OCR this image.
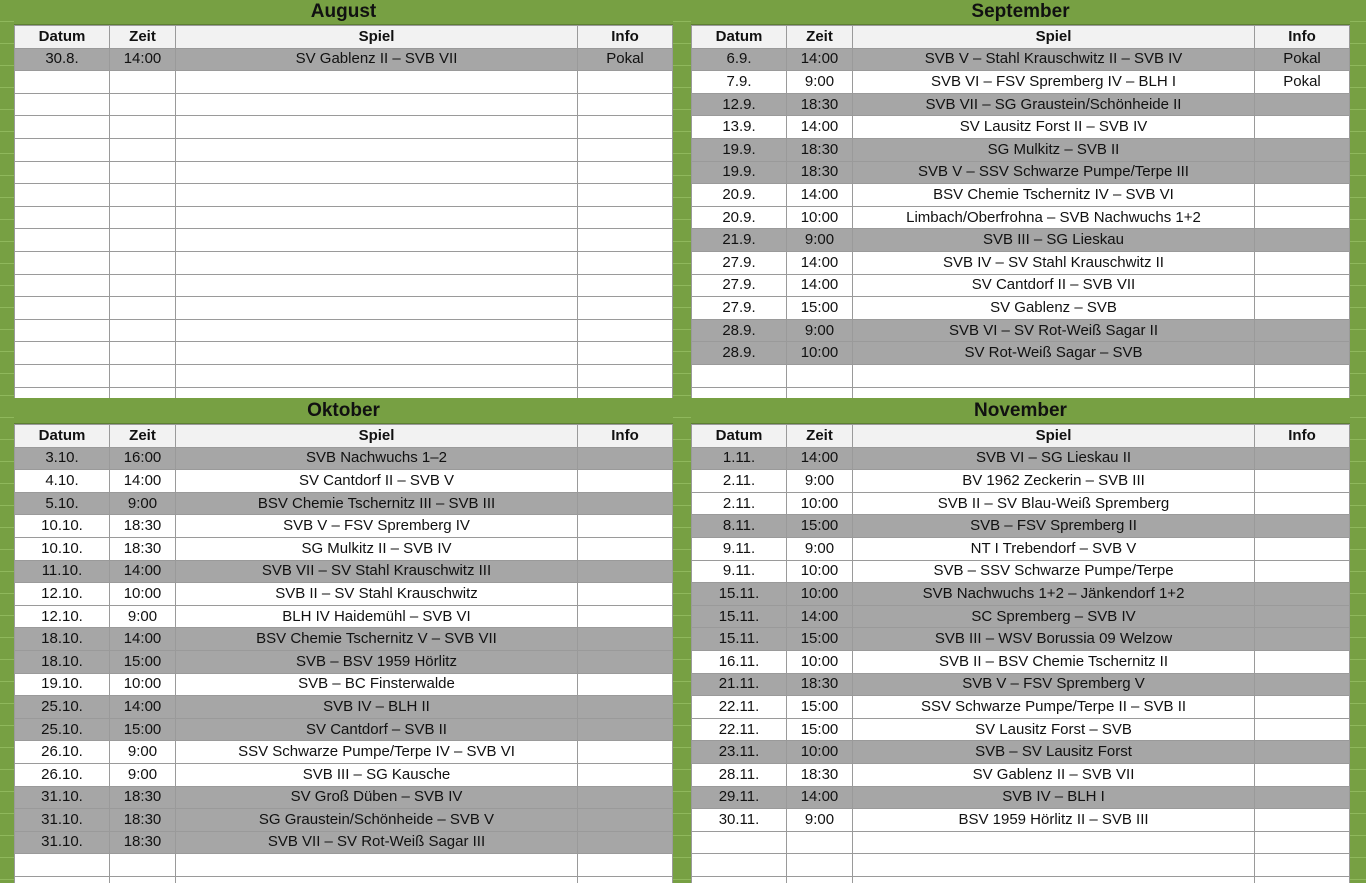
August
Datum	Zeit	Spiel	Info
30.8.	14:00	SV Gablenz II – SVB VII	Pokal

September
Datum	Zeit	Spiel	Info
6.9.	14:00	SVB V – Stahl Krauschwitz II – SVB IV	Pokal
7.9.	9:00	SVB VI – FSV Spremberg IV – BLH I	Pokal
12.9.	18:30	SVB VII – SG Graustein/Schönheide II	
13.9.	14:00	SV Lausitz Forst II – SVB IV	
19.9.	18:30	SG Mulkitz – SVB II	
19.9.	18:30	SVB V – SSV Schwarze Pumpe/Terpe III	
20.9.	14:00	BSV Chemie Tschernitz IV – SVB VI	
20.9.	10:00	Limbach/Oberfrohna – SVB Nachwuchs 1+2	
21.9.	9:00	SVB III – SG Lieskau	
27.9.	14:00	SVB IV – SV Stahl Krauschwitz II	
27.9.	14:00	SV Cantdorf II – SVB VII	
27.9.	15:00	SV Gablenz – SVB	
28.9.	9:00	SVB VI – SV Rot-Weiß Sagar II	
28.9.	10:00	SV Rot-Weiß Sagar – SVB	

Oktober
Datum	Zeit	Spiel	Info
3.10.	16:00	SVB Nachwuchs 1–2	
4.10.	14:00	SV Cantdorf II – SVB V	
5.10.	9:00	BSV Chemie Tschernitz III – SVB III	
10.10.	18:30	SVB V – FSV Spremberg IV	
10.10.	18:30	SG Mulkitz II – SVB IV	
11.10.	14:00	SVB VII – SV Stahl Krauschwitz III	
12.10.	10:00	SVB II – SV Stahl Krauschwitz	
12.10.	9:00	BLH IV Haidemühl – SVB VI	
18.10.	14:00	BSV Chemie Tschernitz V – SVB VII	
18.10.	15:00	SVB – BSV 1959 Hörlitz	
19.10.	10:00	SVB – BC Finsterwalde	
25.10.	14:00	SVB IV – BLH II	
25.10.	15:00	SV Cantdorf – SVB II	
26.10.	9:00	SSV Schwarze Pumpe/Terpe IV – SVB VI	
26.10.	9:00	SVB III – SG Kausche	
31.10.	18:30	SV Groß Düben – SVB IV	
31.10.	18:30	SG Graustein/Schönheide – SVB V	
31.10.	18:30	SVB VII – SV Rot-Weiß Sagar III	

November
Datum	Zeit	Spiel	Info
1.11.	14:00	SVB VI – SG Lieskau II	
2.11.	9:00	BV 1962 Zeckerin – SVB III	
2.11.	10:00	SVB II – SV Blau-Weiß Spremberg	
8.11.	15:00	SVB – FSV Spremberg II	
9.11.	9:00	NT I Trebendorf – SVB V	
9.11.	10:00	SVB – SSV Schwarze Pumpe/Terpe	
15.11.	10:00	SVB Nachwuchs 1+2 – Jänkendorf 1+2	
15.11.	14:00	SC Spremberg – SVB IV	
15.11.	15:00	SVB III – WSV Borussia 09 Welzow	
16.11.	10:00	SVB II – BSV Chemie Tschernitz II	
21.11.	18:30	SVB V – FSV Spremberg V	
22.11.	15:00	SSV Schwarze Pumpe/Terpe II – SVB II	
22.11.	15:00	SV Lausitz Forst – SVB	
23.11.	10:00	SVB – SV Lausitz Forst	
28.11.	18:30	SV Gablenz II – SVB VII	
29.11.	14:00	SVB IV – BLH I	
30.11.	9:00	BSV 1959 Hörlitz II – SVB III	
